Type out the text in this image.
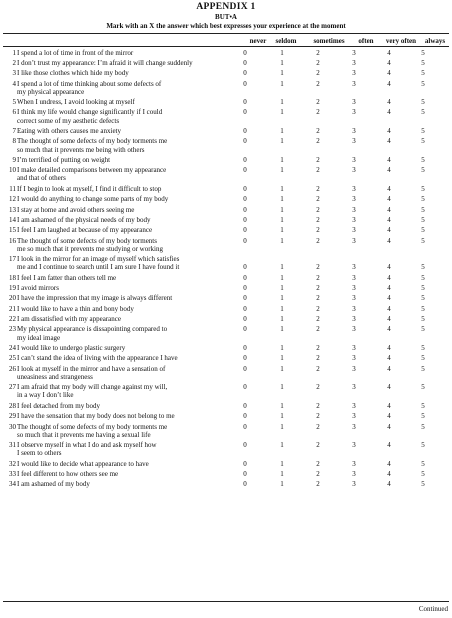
APPENDIX 1
BUT•A
Mark with an X the answer which best expresses your experience at the moment
never	seldom	sometimes	often	very often	always
1 I spend a lot of time in front of the mirror	0	1	2	3	4	5
2 I don’t trust my appearance: I’m afraid it will change suddenly	0	1	2	3	4	5
3 I like those clothes which hide my body	0	1	2	3	4	5
4 I spend a lot of time thinking about some defects of
my physical appearance
0	1	2	3	4	5
5 When I undress, I avoid looking at myself	0	1	2	3	4	5
6 I think my life would change significantly if I could
correct some of my aesthetic defects
0	1	2	3	4	5
7 Eating with others causes me anxiety	0	1	2	3	4	5
8 The thought of some defects of my body torments me
so much that it prevents me being with others
0	1	2	3	4	5
9 I’m terrified of putting on weight	0	1	2	3	4	5
10 I make detailed comparisons between my appearance
and that of others
0	1	2	3	4	5
11 If I begin to look at myself, I find it difficult to stop	0	1	2	3	4	5
12 I would do anything to change some parts of my body	0	1	2	3	4	5
13 I stay at home and avoid others seeing me	0	1	2	3	4	5
14 I am ashamed of the physical needs of my body	0	1	2	3	4	5
15 I feel I am laughed at because of my appearance	0	1	2	3	4	5
16 The thought of some defects of my body torments
me so much that it prevents me studying or working
0	1	2	3	4	5
17 I look in the mirror for an image of myself which satisfies
me and I continue to search until I am sure I have found it	0	1	2	3	4	5
18 I feel I am fatter than others tell me	0	1	2	3	4	5
19 I avoid mirrors	0	1	2	3	4	5
20 I have the impression that my image is always different	0	1	2	3	4	5
21 I would like to have a thin and bony body	0	1	2	3	4	5
22 I am dissatisfied with my appearance	0	1	2	3	4	5
23 My physical appearance is dissapointing compared to
my ideal image
0	1	2	3	4	5
24 I would like to undergo plastic surgery	0	1	2	3	4	5
25 I can’t stand the idea of living with the appearance I have	0	1	2	3	4	5
26 I look at myself in the mirror and have a sensation of
uneasiness and strangeness
0	1	2	3	4	5
27 I am afraid that my body will change against my will,
in a way I don’t like
0	1	2	3	4	5
28 I feel detached from my body	0	1	2	3	4	5
29 I have the sensation that my body does not belong to me	0	1	2	3	4	5
30 The thought of some defects of my body torments me
so much that it prevents me having a sexual life
0	1	2	3	4	5
31 I observe myself in what I do and ask myself how
I seem to others
0	1	2	3	4	5
32 I would like to decide what appearance to have	0	1	2	3	4	5
33 I feel different to how others see me	0	1	2	3	4	5
34 I am ashamed of my body	0	1	2	3	4	5
Continued
